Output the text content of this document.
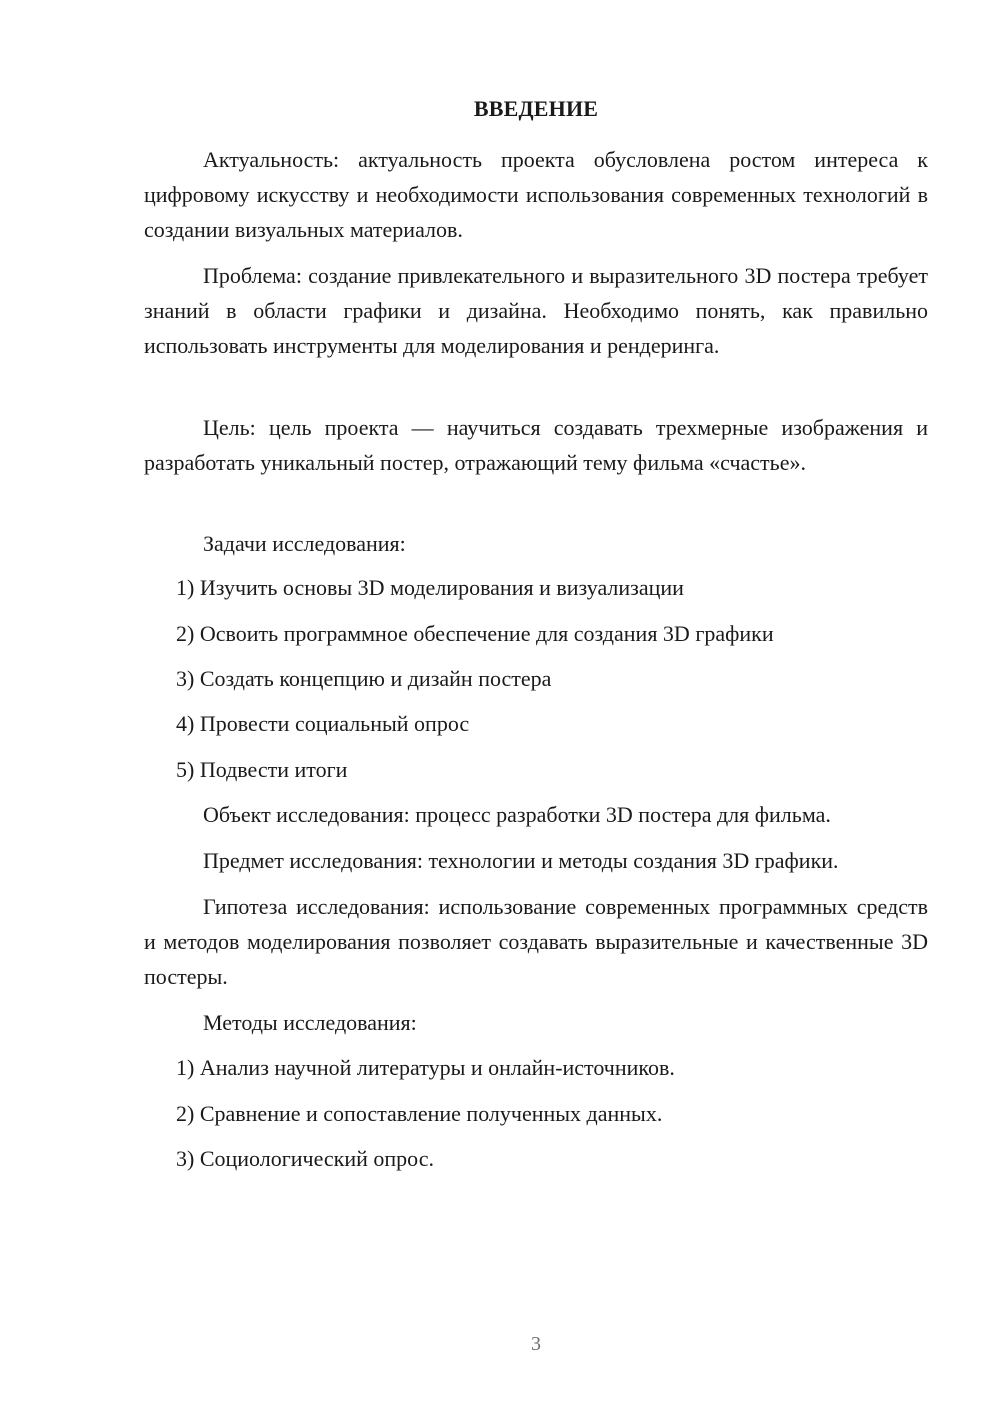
ВВЕДЕНИЕ

Актуальность: актуальность проекта обусловлена ростом интереса к цифровому искусству и необходимости использования современных технологий в создании визуальных материалов.

Проблема: создание привлекательного и выразительного 3D постера требует знаний в области графики и дизайна. Необходимо понять, как правильно использовать инструменты для моделирования и рендеринга.

Цель: цель проекта — научиться создавать трехмерные изображения и разработать уникальный постер, отражающий тему фильма «счастье».

Задачи исследования:

1) Изучить основы 3D моделирования и визуализации

2) Освоить программное обеспечение для создания 3D графики

3) Создать концепцию и дизайн постера

4) Провести социальный опрос

5) Подвести итоги

Объект исследования: процесс разработки 3D постера для фильма.

Предмет исследования: технологии и методы создания 3D графики.

Гипотеза исследования: использование современных программных средств и методов моделирования позволяет создавать выразительные и качественные 3D постеры.

Методы исследования:

1) Анализ научной литературы и онлайн-источников.

2) Сравнение и сопоставление полученных данных.

3) Социологический опрос.

3
